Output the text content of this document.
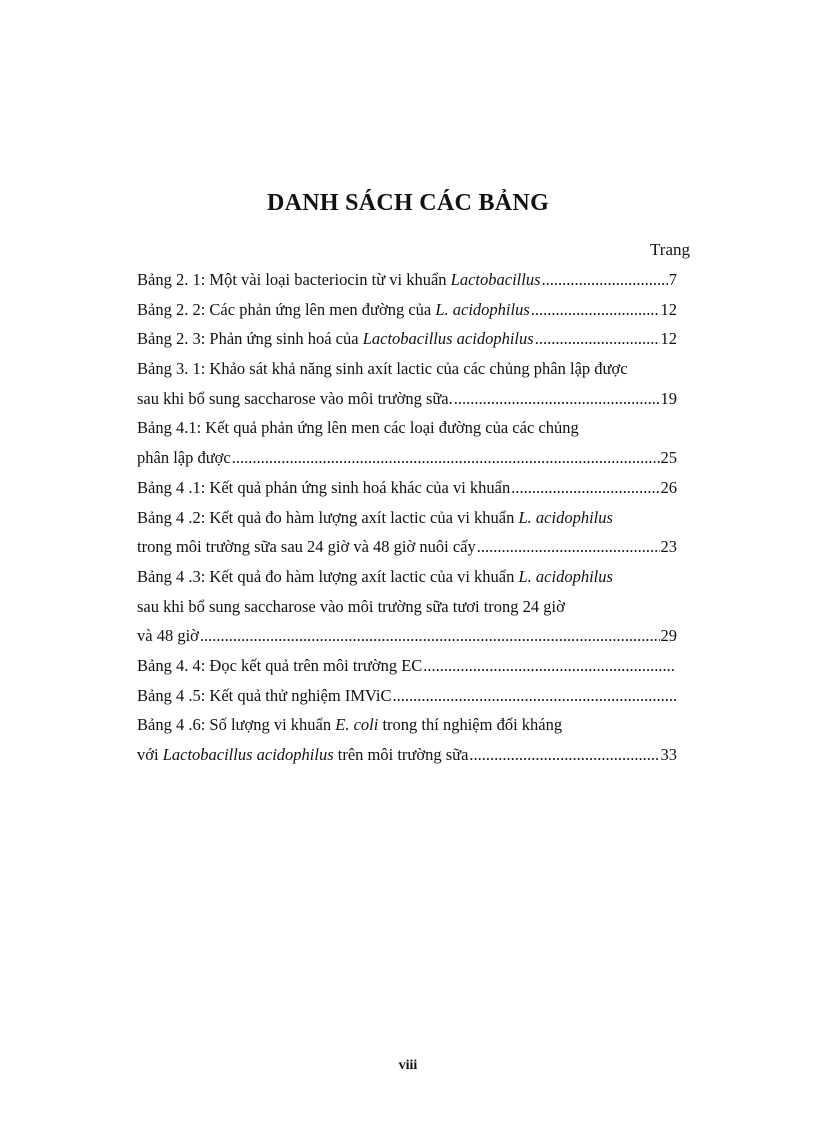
DANH SÁCH CÁC BẢNG
Trang
Bảng 2. 1: Một vài loại bacteriocin từ vi khuẩn Lactobacillus .....	7
Bảng 2. 2: Các phản ứng lên men đường của L. acidophilus .....	12
Bảng 2. 3: Phản ứng sinh hoá của Lactobacillus acidophilus .....	12
Bảng 3. 1: Khảo sát khả năng sinh axít lactic của các chủng phân lập được
sau khi bổ sung saccharose vào môi trường sữa. .....	19
Bảng 4.1: Kết quả phản ứng lên men các loại đường của các chủng
phân lập được .....	25
Bảng 4 .1: Kết quả phản ứng sinh hoá khác của vi khuẩn .....	26
Bảng 4 .2: Kết quả đo hàm lượng axít lactic của vi khuẩn L. acidophilus
trong môi trường sữa sau 24 giờ và 48 giờ nuôi cấy .....	23
Bảng 4 .3: Kết quả đo hàm lượng axít lactic của vi khuẩn L. acidophilus
sau khi bổ sung saccharose vào môi trường sữa tươi trong 24 giờ
và 48 giờ .....	29
Bảng 4. 4: Đọc kết quả trên môi trường EC
.....
Bảng 4 .5: Kết quả thử nghiệm IMViC
.....
Bảng 4 .6: Số lượng vi khuẩn E. coli trong thí nghiệm đối kháng
với Lactobacillus acidophilus trên môi trường sữa .....	33
viii
